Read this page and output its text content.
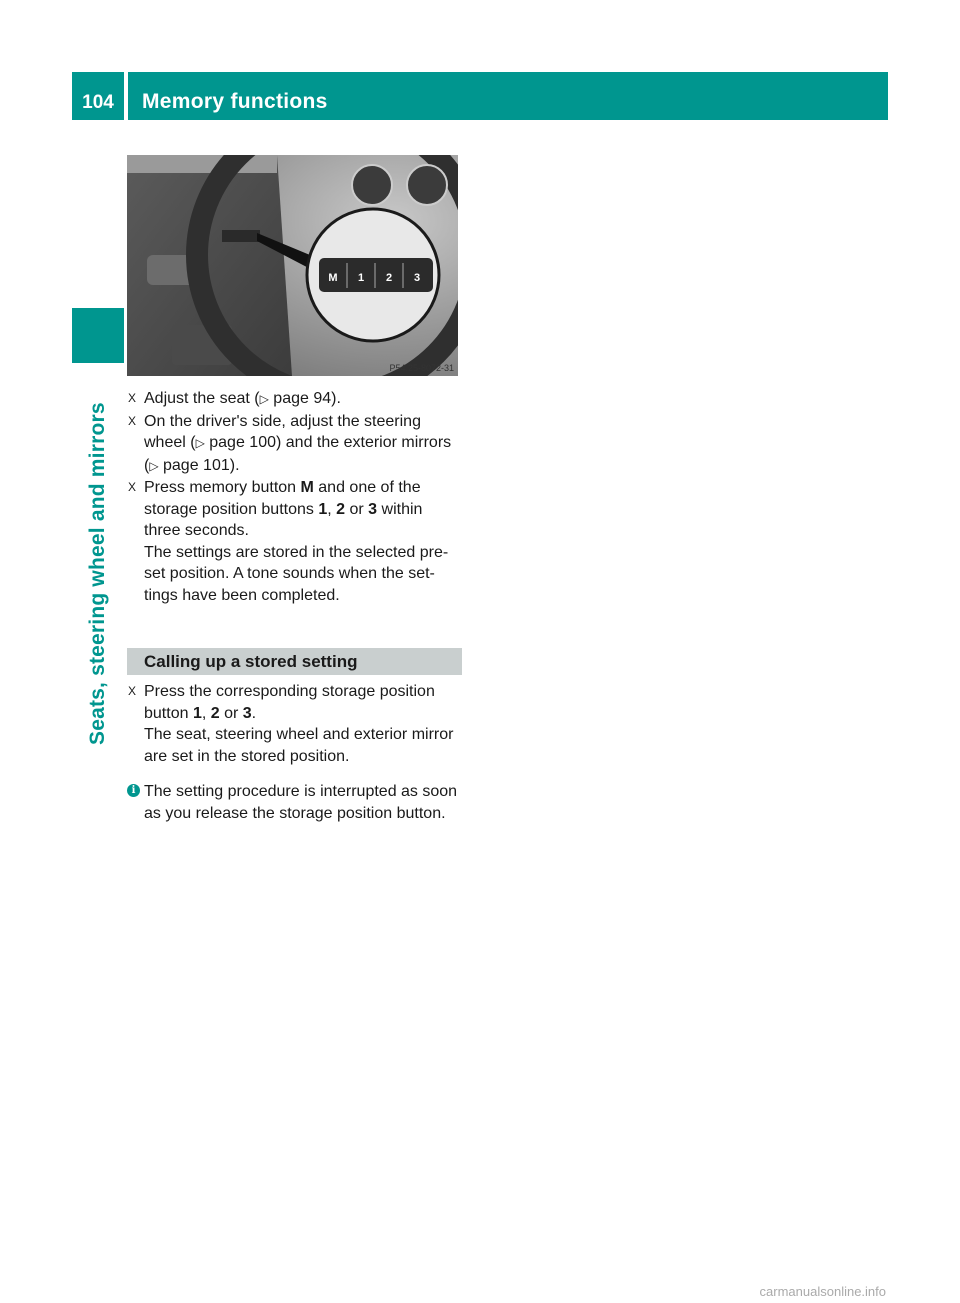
104	Memory functions
Seats, steering wheel and mirrors
M 1 2 3
P54.25-8072-31

X Adjust the seat (▷ page 94).

X On the driver's side, adjust the steering wheel (▷ page 100) and the exterior mirrors (▷ page 101).

X Press memory button M and one of the storage position buttons 1, 2 or 3 within three seconds.
The settings are stored in the selected pre-set position. A tone sounds when the set-tings have been completed.

Calling up a stored setting

X Press the corresponding storage position button 1, 2 or 3.
The seat, steering wheel and exterior mirror are set in the stored position.

i The setting procedure is interrupted as soon as you release the storage position button.

carmanualsonline.info
